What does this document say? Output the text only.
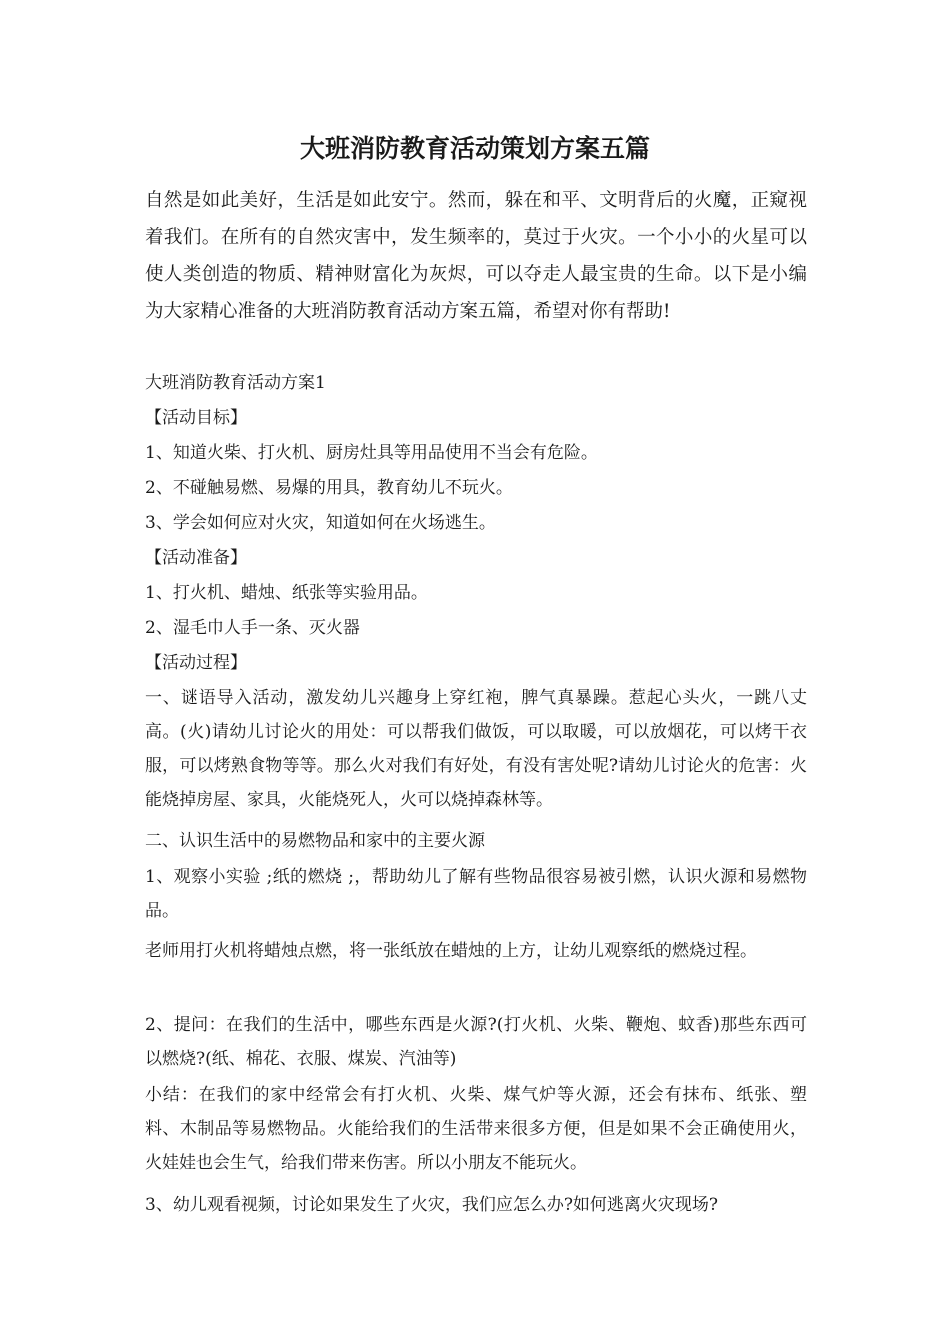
大班消防教育活动策划方案五篇

自然是如此美好，生活是如此安宁。然而，躲在和平、文明背后的火魔，正窥视着我们。在所有的自然灾害中，发生频率的，莫过于火灾。一个小小的火星可以使人类创造的物质、精神财富化为灰烬，可以夺走人最宝贵的生命。以下是小编为大家精心准备的大班消防教育活动方案五篇，希望对你有帮助!

大班消防教育活动方案1

【活动目标】

1、知道火柴、打火机、厨房灶具等用品使用不当会有危险。

2、不碰触易燃、易爆的用具，教育幼儿不玩火。

3、学会如何应对火灾，知道如何在火场逃生。

【活动准备】

1、打火机、蜡烛、纸张等实验用品。

2、湿毛巾人手一条、灭火器

【活动过程】

一、谜语导入活动，激发幼儿兴趣身上穿红袍，脾气真暴躁。惹起心头火，一跳八丈高。(火)请幼儿讨论火的用处：可以帮我们做饭，可以取暖，可以放烟花，可以烤干衣服，可以烤熟食物等等。那么火对我们有好处，有没有害处呢?请幼儿讨论火的危害：火能烧掉房屋、家具，火能烧死人，火可以烧掉森林等。

二、认识生活中的易燃物品和家中的主要火源

1、观察小实验 ;纸的燃烧 ;，帮助幼儿了解有些物品很容易被引燃，认识火源和易燃物品。

老师用打火机将蜡烛点燃，将一张纸放在蜡烛的上方，让幼儿观察纸的燃烧过程。

2、提问：在我们的生活中，哪些东西是火源?(打火机、火柴、鞭炮、蚊香)那些东西可以燃烧?(纸、棉花、衣服、煤炭、汽油等)

小结：在我们的家中经常会有打火机、火柴、煤气炉等火源，还会有抹布、纸张、塑料、木制品等易燃物品。火能给我们的生活带来很多方便，但是如果不会正确使用火，火娃娃也会生气，给我们带来伤害。所以小朋友不能玩火。

3、幼儿观看视频，讨论如果发生了火灾，我们应怎么办?如何逃离火灾现场?
